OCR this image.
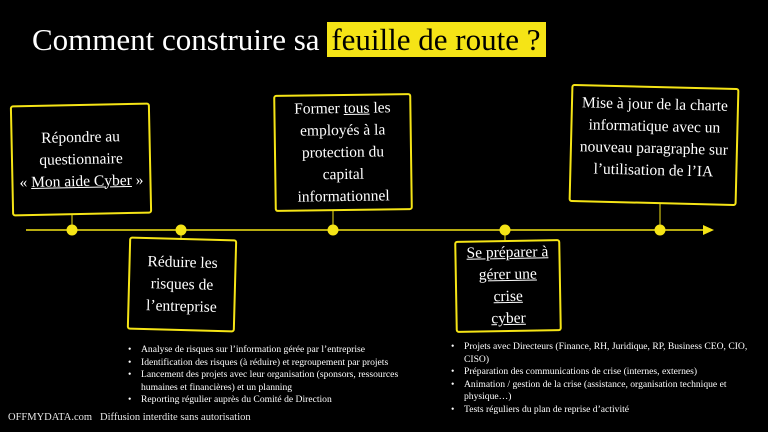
Comment construire sa feuille de route ?
Répondre au
questionnaire
« Mon aide Cyber »
Réduire les
risques de
l’entreprise
Former tous les
employés à la
protection du capital
informationnel
Se préparer à
gérer une crise
cyber
Mise à jour de la charte
informatique avec un
nouveau paragraphe sur
l’utilisation de l’IA
• Analyse de risques sur l’information gérée par l’entreprise
• Identification des risques (à réduire) et regroupement par projets
• Lancement des projets avec leur organisation (sponsors, ressources humaines et financières) et un planning
• Reporting régulier auprès du Comité de Direction
• Projets avec Directeurs (Finance, RH, Juridique, RP, Business CEO, CIO, CISO)
• Préparation des communications de crise (internes, externes)
• Animation / gestion de la crise (assistance, organisation technique et physique…)
• Tests réguliers du plan de reprise d’activité
OFFMYDATA.com Diffusion interdite sans autorisation
